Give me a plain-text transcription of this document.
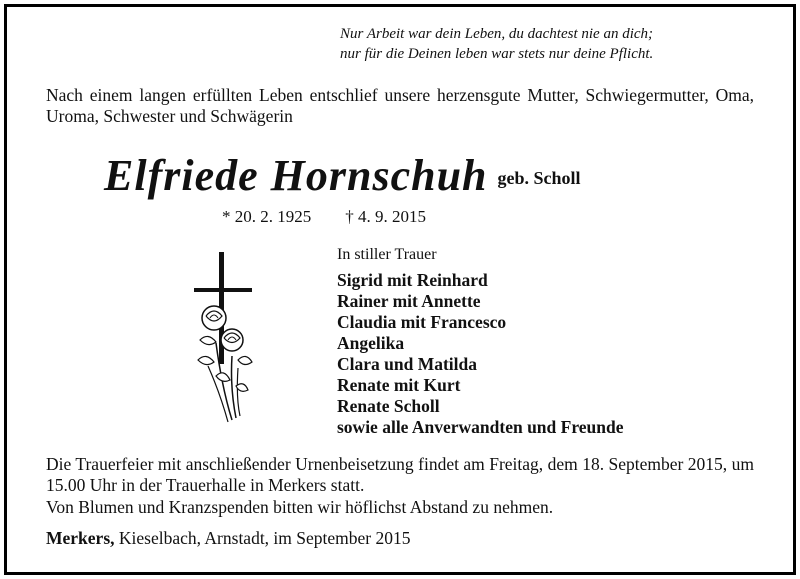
Nur Arbeit war dein Leben, du dachtest nie an dich;
nur für die Deinen leben war stets nur deine Pflicht.
Nach einem langen erfüllten Leben entschlief unsere herzensgute Mutter, Schwiegermutter, Oma, Uroma, Schwester und Schwägerin
Elfriede Hornschuh geb. Scholl
* 20. 2. 1925 † 4. 9. 2015
In stiller Trauer
Sigrid mit Reinhard
Rainer mit Annette
Claudia mit Francesco
Angelika
Clara und Matilda
Renate mit Kurt
Renate Scholl
sowie alle Anverwandten und Freunde
Die Trauerfeier mit anschließender Urnenbeisetzung findet am Freitag, dem 18. September 2015, um 15.00 Uhr in der Trauerhalle in Merkers statt.
Von Blumen und Kranzspenden bitten wir höflichst Abstand zu nehmen.
Merkers, Kieselbach, Arnstadt, im September 2015
